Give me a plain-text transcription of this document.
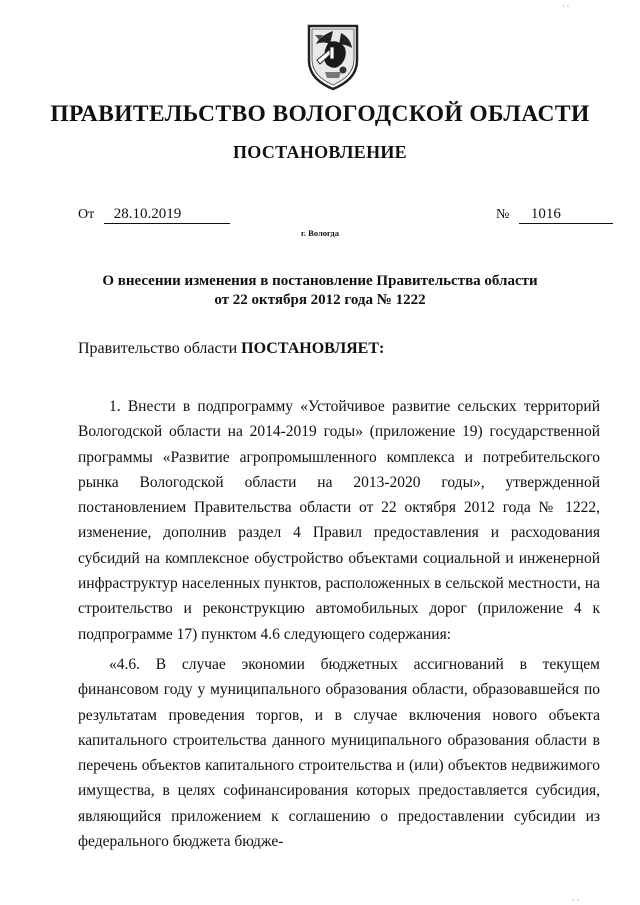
ПРАВИТЕЛЬСТВО ВОЛОГОДСКОЙ ОБЛАСТИ
ПОСТАНОВЛЕНИЕ
От 28.10.2019	№ 1016
г. Вологда
О внесении изменения в постановление Правительства области
от 22 октября 2012 года № 1222
Правительство области ПОСТАНОВЛЯЕТ:

1. Внести в подпрограмму «Устойчивое развитие сельских территорий Вологодской области на 2014-2019 годы» (приложение 19) государственной программы «Развитие агропромышленного комплекса и потребительского рынка Вологодской области на 2013-2020 годы», утвержденной постановлением Правительства области от 22 октября 2012 года № 1222, изменение, дополнив раздел 4 Правил предоставления и расходования субсидий на комплексное обустройство объектами социальной и инженерной инфраструктур населенных пунктов, расположенных в сельской местности, на строительство и реконструкцию автомобильных дорог (приложение 4 к подпрограмме 17) пунктом 4.6 следующего содержания:

«4.6. В случае экономии бюджетных ассигнований в текущем финансовом году у муниципального образования области, образовавшейся по результатам проведения торгов, и в случае включения нового объекта капитального строительства данного муниципального образования области в перечень объектов капитального строительства и (или) объектов недвижимого имущества, в целях софинансирования которых предоставляется субсидия, являющийся приложением к соглашению о предоставлении субсидии из федерального бюджета бюдже-

· ·
· ·
